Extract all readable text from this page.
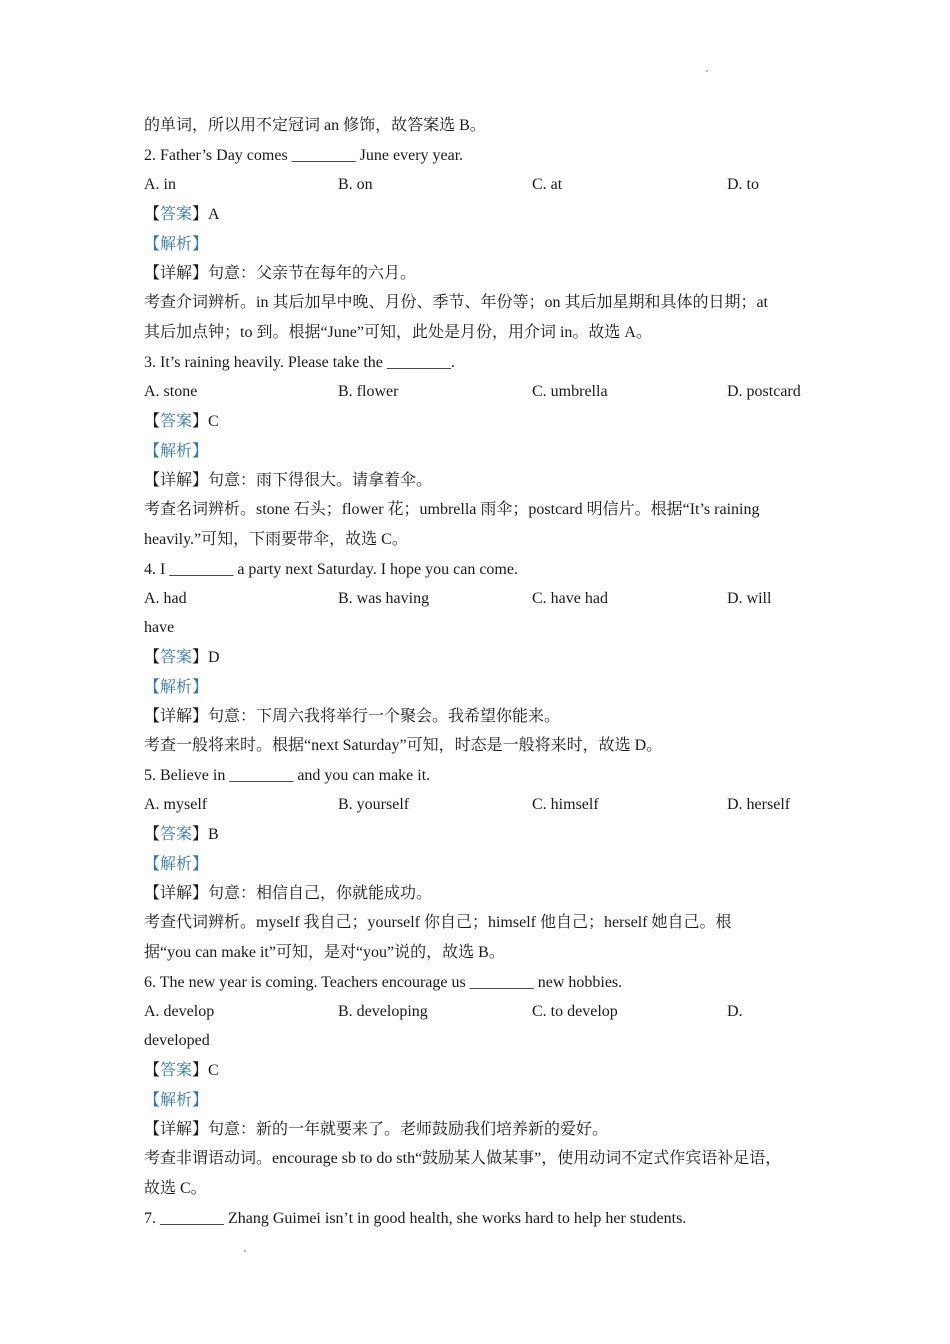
的单词，所以用不定冠词 an 修饰，故答案选 B。
2. Father’s Day comes ________ June every year.
A. in	B. on	C. at	D. to
【答案】A
【解析】
【详解】句意：父亲节在每年的六月。
考查介词辨析。in 其后加早中晚、月份、季节、年份等；on 其后加星期和具体的日期；at
其后加点钟；to 到。根据“June”可知，此处是月份，用介词 in。故选 A。
3. It’s raining heavily. Please take the ________.
A. stone	B. flower	C. umbrella	D. postcard
【答案】C
【解析】
【详解】句意：雨下得很大。请拿着伞。
考查名词辨析。stone 石头；flower 花；umbrella 雨伞；postcard 明信片。根据“It’s raining
heavily.”可知，下雨要带伞，故选 C。
4. I ________ a party next Saturday. I hope you can come.
A. had	B. was having	C. have had	D. will
have
【答案】D
【解析】
【详解】句意：下周六我将举行一个聚会。我希望你能来。
考查一般将来时。根据“next Saturday”可知，时态是一般将来时，故选 D。
5. Believe in ________ and you can make it.
A. myself	B. yourself	C. himself	D. herself
【答案】B
【解析】
【详解】句意：相信自己，你就能成功。
考查代词辨析。myself 我自己；yourself 你自己；himself 他自己；herself 她自己。根
据“you can make it”可知，是对“you”说的，故选 B。
6. The new year is coming. Teachers encourage us ________ new hobbies.
A. develop	B. developing	C. to develop	D.
developed
【答案】C
【解析】
【详解】句意：新的一年就要来了。老师鼓励我们培养新的爱好。
考查非谓语动词。encourage sb to do sth“鼓励某人做某事”，使用动词不定式作宾语补足语，
故选 C。
7. ________ Zhang Guimei isn’t in good health, she works hard to help her students.
